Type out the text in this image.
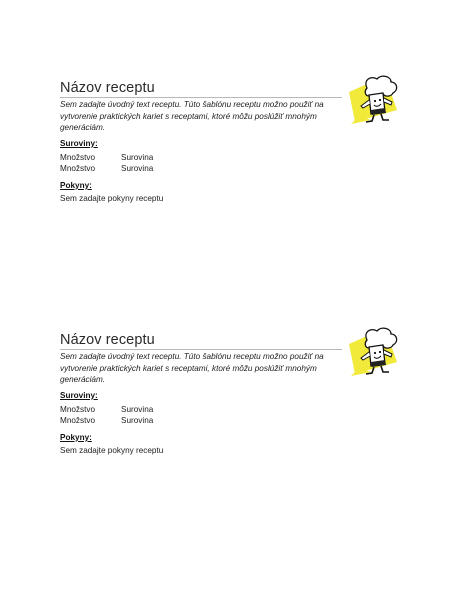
Názov receptu
Sem zadajte úvodný text receptu. Túto šablónu receptu možno použiť na vytvorenie praktických kariet s receptami, ktoré môžu poslúžiť mnohým generáciám.
Suroviny:
Množstvo	Surovina
Množstvo	Surovina
Pokyny:
Sem zadajte pokyny receptu
Názov receptu
Sem zadajte úvodný text receptu. Túto šablónu receptu možno použiť na vytvorenie praktických kariet s receptami, ktoré môžu poslúžiť mnohým generáciám.
Suroviny:
Množstvo	Surovina
Množstvo	Surovina
Pokyny:
Sem zadajte pokyny receptu
